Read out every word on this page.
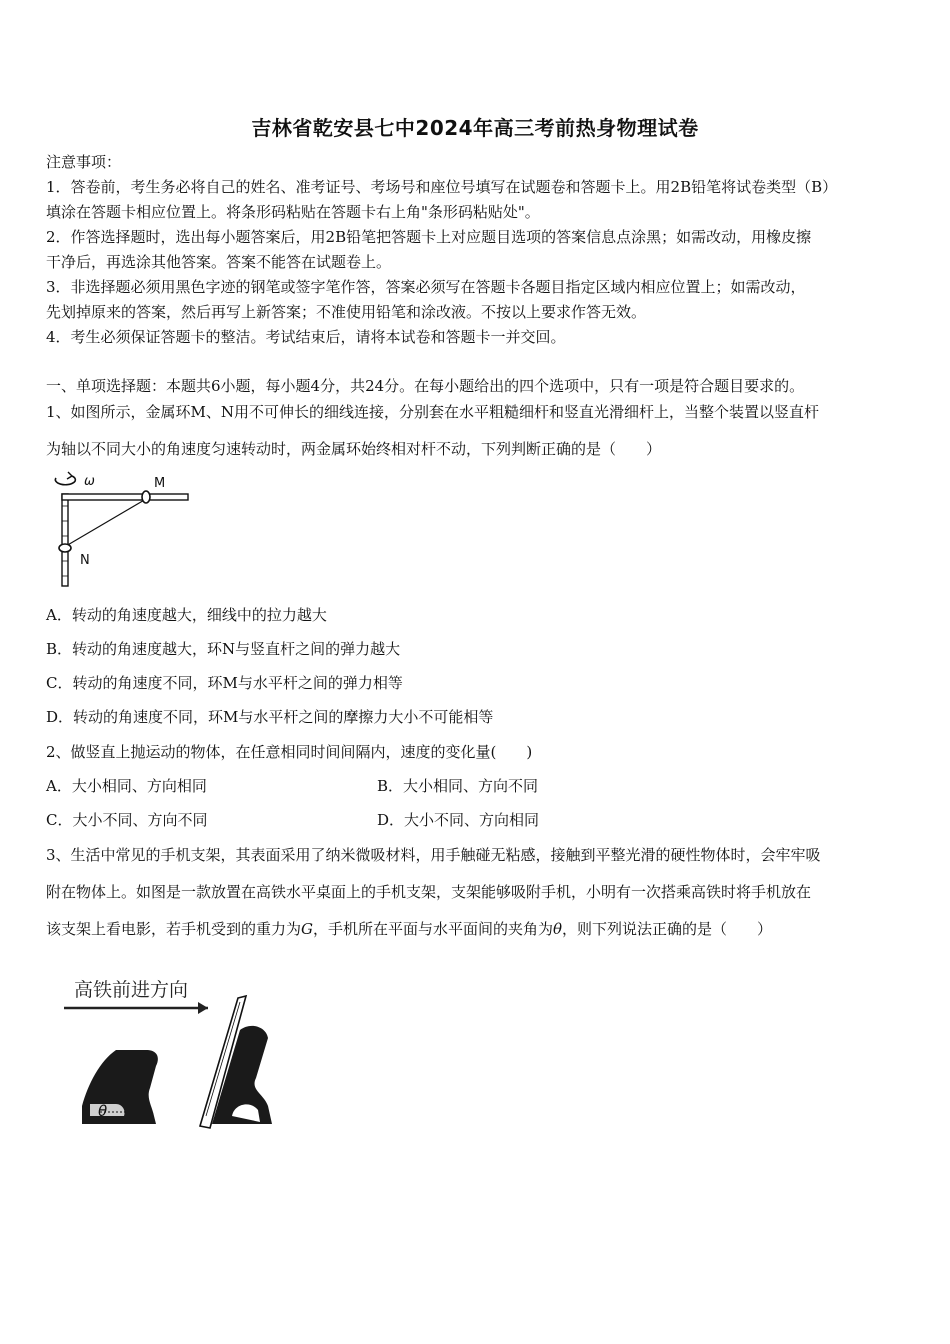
吉林省乾安县七中2024年高三考前热身物理试卷
注意事项：
1．答卷前，考生务必将自己的姓名、准考证号、考场号和座位号填写在试题卷和答题卡上。用2B铅笔将试卷类型（B）
填涂在答题卡相应位置上。将条形码粘贴在答题卡右上角"条形码粘贴处"。
2．作答选择题时，选出每小题答案后，用2B铅笔把答题卡上对应题目选项的答案信息点涂黑；如需改动，用橡皮擦
干净后，再选涂其他答案。答案不能答在试题卷上。
3．非选择题必须用黑色字迹的钢笔或签字笔作答，答案必须写在答题卡各题目指定区域内相应位置上；如需改动，
先划掉原来的答案，然后再写上新答案；不准使用铅笔和涂改液。不按以上要求作答无效。
4．考生必须保证答题卡的整洁。考试结束后，请将本试卷和答题卡一并交回。
一、单项选择题：本题共6小题，每小题4分，共24分。在每小题给出的四个选项中，只有一项是符合题目要求的。
1、如图所示，金属环M、N用不可伸长的细线连接，分别套在水平粗糙细杆和竖直光滑细杆上，当整个装置以竖直杆
为轴以不同大小的角速度匀速转动时，两金属环始终相对杆不动，下列判断正确的是（　　）
ω	M
N
A．转动的角速度越大，细线中的拉力越大
B．转动的角速度越大，环N与竖直杆之间的弹力越大
C．转动的角速度不同，环M与水平杆之间的弹力相等
D．转动的角速度不同，环M与水平杆之间的摩擦力大小不可能相等
2、做竖直上抛运动的物体，在任意相同时间间隔内，速度的变化量(　　)
A．大小相同、方向相同	B．大小相同、方向不同
C．大小不同、方向不同	D．大小不同、方向相同
3、生活中常见的手机支架，其表面采用了纳米微吸材料，用手触碰无粘感，接触到平整光滑的硬性物体时，会牢牢吸
附在物体上。如图是一款放置在高铁水平桌面上的手机支架，支架能够吸附手机，小明有一次搭乘高铁时将手机放在
该支架上看电影，若手机受到的重力为G，手机所在平面与水平面间的夹角为θ，则下列说法正确的是（　　）
高铁前进方向
θ
